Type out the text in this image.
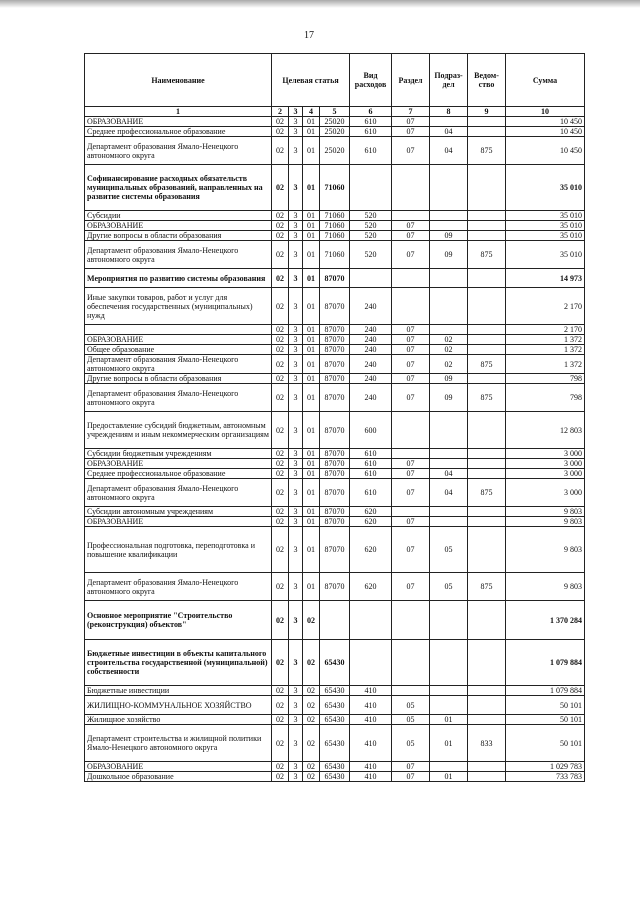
17
Наименование	Целевая статья				Вид расходов	Раздел	Подраз-дел	Ведом-ство	Сумма
1	2	3	4	5	6	7	8	9	10
ОБРАЗОВАНИЕ	02	3	01	25020	610	07			10 450
Среднее профессиональное образование	02	3	01	25020	610	07	04		10 450
Департамент образования Ямало-Ненецкого автономного округа	02	3	01	25020	610	07	04	875	10 450
Софинансирование расходных обязательств муниципальных образований, направленных на развитие системы образования	02	3	01	71060					35 010
Субсидии	02	3	01	71060	520				35 010
ОБРАЗОВАНИЕ	02	3	01	71060	520	07			35 010
Другие вопросы в области образования	02	3	01	71060	520	07	09		35 010
Департамент образования Ямало-Ненецкого автономного округа	02	3	01	71060	520	07	09	875	35 010
Мероприятия по развитию системы образования	02	3	01	87070					14 973
Иные закупки товаров, работ и услуг для обеспечения государственных (муниципальных) нужд	02	3	01	87070	240				2 170
	02	3	01	87070	240	07			2 170
ОБРАЗОВАНИЕ	02	3	01	87070	240	07	02		1 372
Общее образование	02	3	01	87070	240	07	02		1 372
Департамент образования Ямало-Ненецкого автономного округа	02	3	01	87070	240	07	02	875	1 372
Другие вопросы в области образования	02	3	01	87070	240	07	09		798
Департамент образования Ямало-Ненецкого автономного округа	02	3	01	87070	240	07	09	875	798
Предоставление субсидий бюджетным, автономным учреждениям и иным некоммерческим организациям	02	3	01	87070	600				12 803
Субсидии бюджетным учреждениям	02	3	01	87070	610				3 000
ОБРАЗОВАНИЕ	02	3	01	87070	610	07			3 000
Среднее профессиональное образование	02	3	01	87070	610	07	04		3 000
Департамент образования Ямало-Ненецкого автономного округа	02	3	01	87070	610	07	04	875	3 000
Субсидии автономным учреждениям	02	3	01	87070	620				9 803
ОБРАЗОВАНИЕ	02	3	01	87070	620	07			9 803
Профессиональная подготовка, переподготовка и повышение квалификации	02	3	01	87070	620	07	05		9 803
Департамент образования Ямало-Ненецкого автономного округа	02	3	01	87070	620	07	05	875	9 803
Основное мероприятие "Строительство (реконструкция) объектов"	02	3	02						1 370 284
Бюджетные инвестиции в объекты капитального строительства государственной (муниципальной) собственности	02	3	02	65430					1 079 884
Бюджетные инвестиции	02	3	02	65430	410				1 079 884
ЖИЛИЩНО-КОММУНАЛЬНОЕ ХОЗЯЙСТВО	02	3	02	65430	410	05			50 101
Жилищное хозяйство	02	3	02	65430	410	05	01		50 101
Департамент строительства и жилищной политики Ямало-Ненецкого автономного округа	02	3	02	65430	410	05	01	833	50 101
ОБРАЗОВАНИЕ	02	3	02	65430	410	07			1 029 783
Дошкольное образование	02	3	02	65430	410	07	01		733 783
